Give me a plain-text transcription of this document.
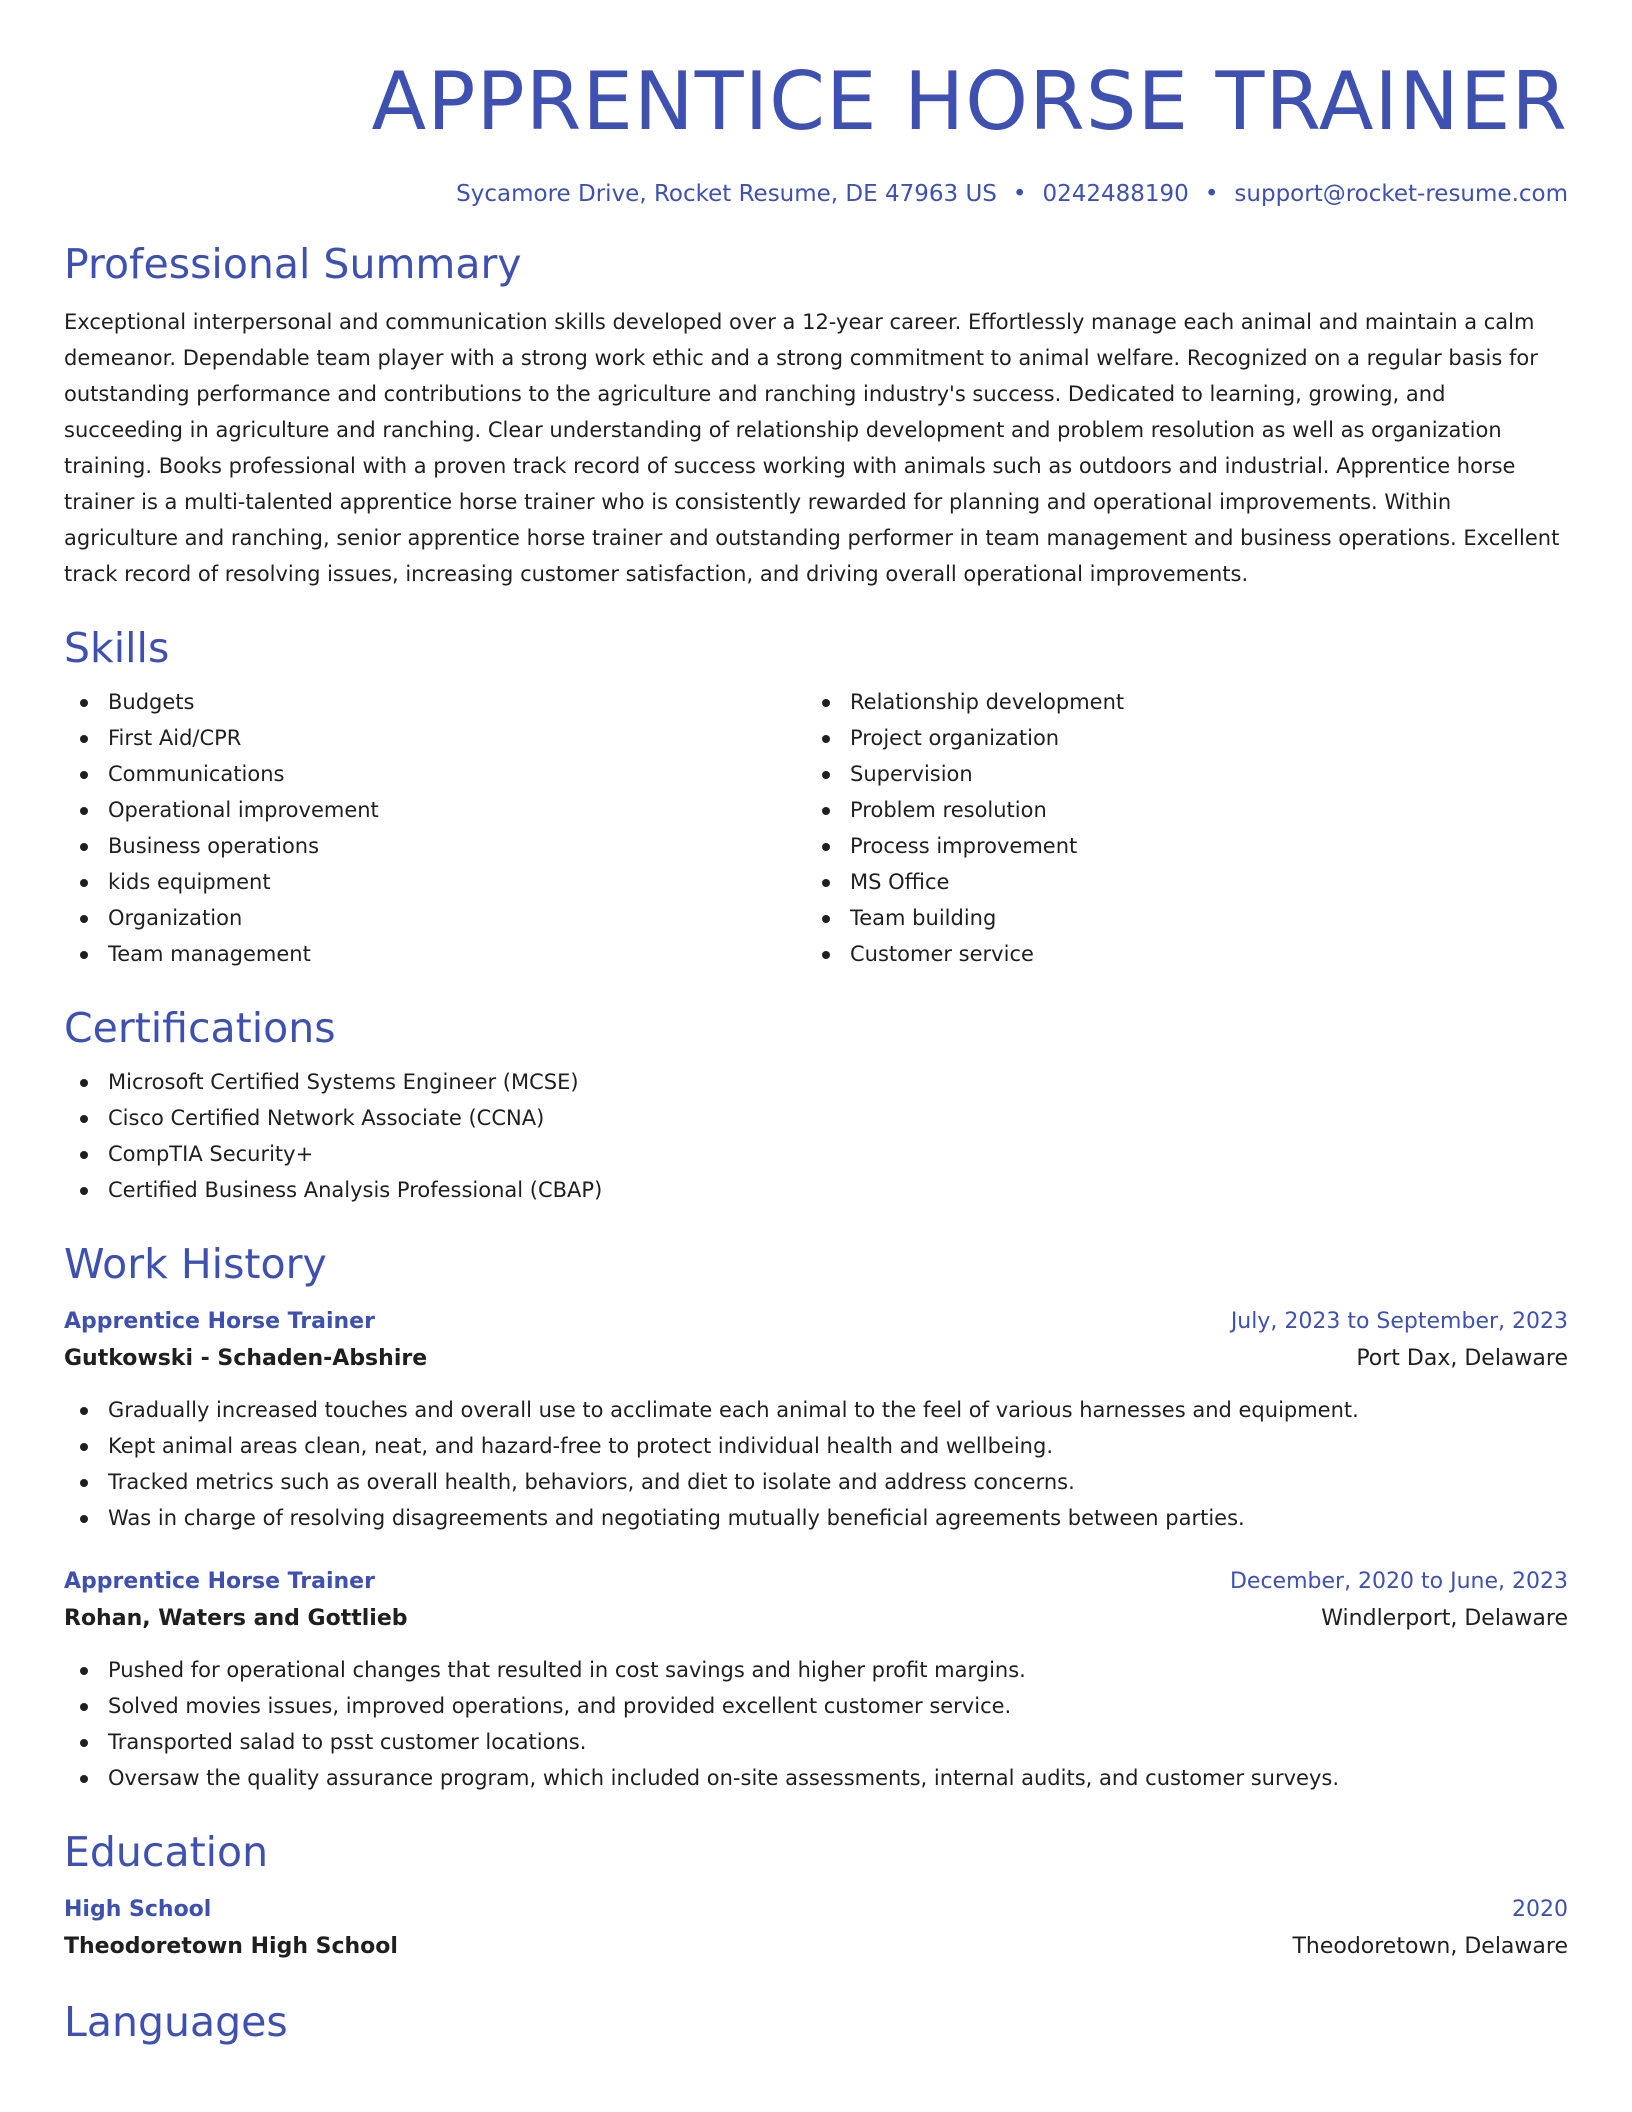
APPRENTICE HORSE TRAINER
Sycamore Drive, Rocket Resume, DE 47963 US • 0242488190 • support@rocket-resume.com
Professional Summary

Exceptional interpersonal and communication skills developed over a 12-year career. Effortlessly manage each animal and maintain a calm demeanor. Dependable team player with a strong work ethic and a strong commitment to animal welfare. Recognized on a regular basis for outstanding performance and contributions to the agriculture and ranching industry's success. Dedicated to learning, growing, and succeeding in agriculture and ranching. Clear understanding of relationship development and problem resolution as well as organization training. Books professional with a proven track record of success working with animals such as outdoors and industrial. Apprentice horse trainer is a multi-talented apprentice horse trainer who is consistently rewarded for planning and operational improvements. Within agriculture and ranching, senior apprentice horse trainer and outstanding performer in team management and business operations. Excellent track record of resolving issues, increasing customer satisfaction, and driving overall operational improvements.

Skills
Budgets
First Aid/CPR
Communications
Operational improvement
Business operations
kids equipment
Organization
Team management
Relationship development
Project organization
Supervision
Problem resolution
Process improvement
MS Office
Team building
Customer service
Certifications
Microsoft Certified Systems Engineer (MCSE)
Cisco Certified Network Associate (CCNA)
CompTIA Security+
Certified Business Analysis Professional (CBAP)
Work History
Apprentice Horse Trainer	July, 2023 to September, 2023
Gutkowski - Schaden-Abshire	Port Dax, Delaware
Gradually increased touches and overall use to acclimate each animal to the feel of various harnesses and equipment.
Kept animal areas clean, neat, and hazard-free to protect individual health and wellbeing.
Tracked metrics such as overall health, behaviors, and diet to isolate and address concerns.
Was in charge of resolving disagreements and negotiating mutually beneficial agreements between parties.
Apprentice Horse Trainer	December, 2020 to June, 2023
Rohan, Waters and Gottlieb	Windlerport, Delaware
Pushed for operational changes that resulted in cost savings and higher profit margins.
Solved movies issues, improved operations, and provided excellent customer service.
Transported salad to psst customer locations.
Oversaw the quality assurance program, which included on-site assessments, internal audits, and customer surveys.
Education
High School	2020
Theodoretown High School	Theodoretown, Delaware
Languages
